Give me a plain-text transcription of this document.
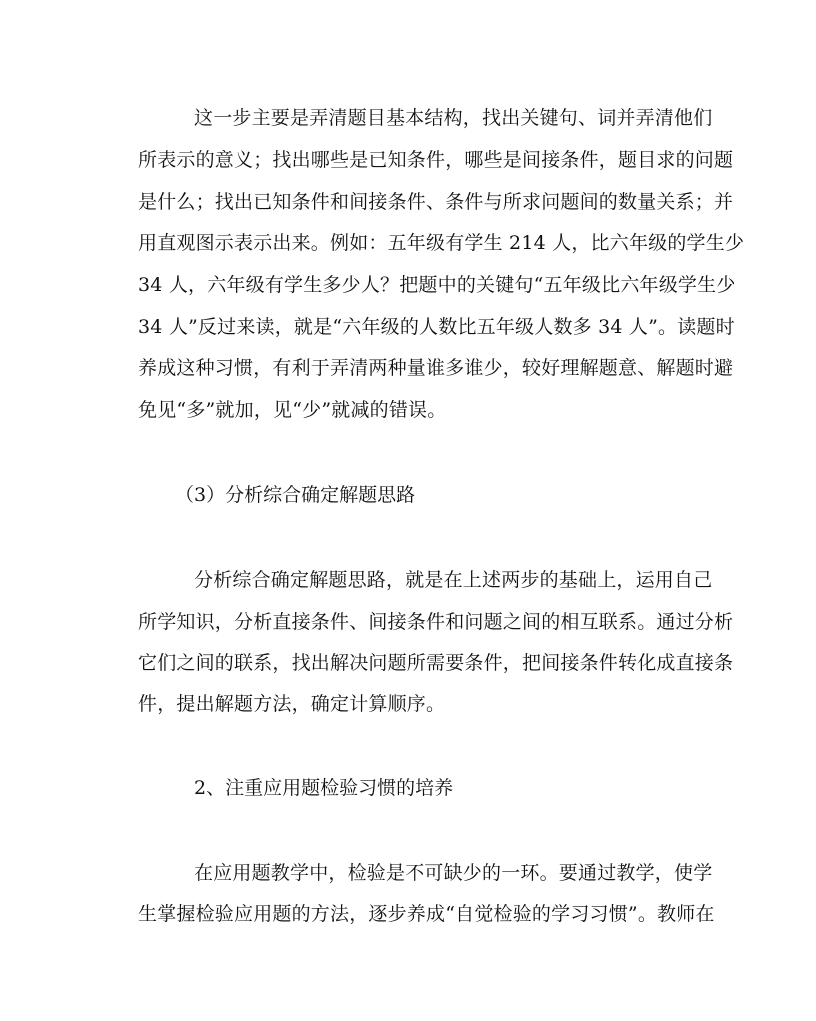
这一步主要是弄清题目基本结构，找出关键句、词并弄清他们
所表示的意义；找出哪些是已知条件，哪些是间接条件，题目求的问题
是什么；找出已知条件和间接条件、条件与所求问题间的数量关系；并
用直观图示表示出来。例如：五年级有学生 214 人，比六年级的学生少
34 人，六年级有学生多少人？把题中的关键句“五年级比六年级学生少
34 人”反过来读，就是“六年级的人数比五年级人数多 34 人”。读题时
养成这种习惯，有利于弄清两种量谁多谁少，较好理解题意、解题时避
免见“多”就加，见“少”就减的错误。
（3）分析综合确定解题思路
分析综合确定解题思路，就是在上述两步的基础上，运用自己
所学知识，分析直接条件、间接条件和问题之间的相互联系。通过分析
它们之间的联系，找出解决问题所需要条件，把间接条件转化成直接条
件，提出解题方法，确定计算顺序。
2、注重应用题检验习惯的培养
在应用题教学中，检验是不可缺少的一环。要通过教学，使学
生掌握检验应用题的方法，逐步养成“自觉检验的学习习惯”。教师在
